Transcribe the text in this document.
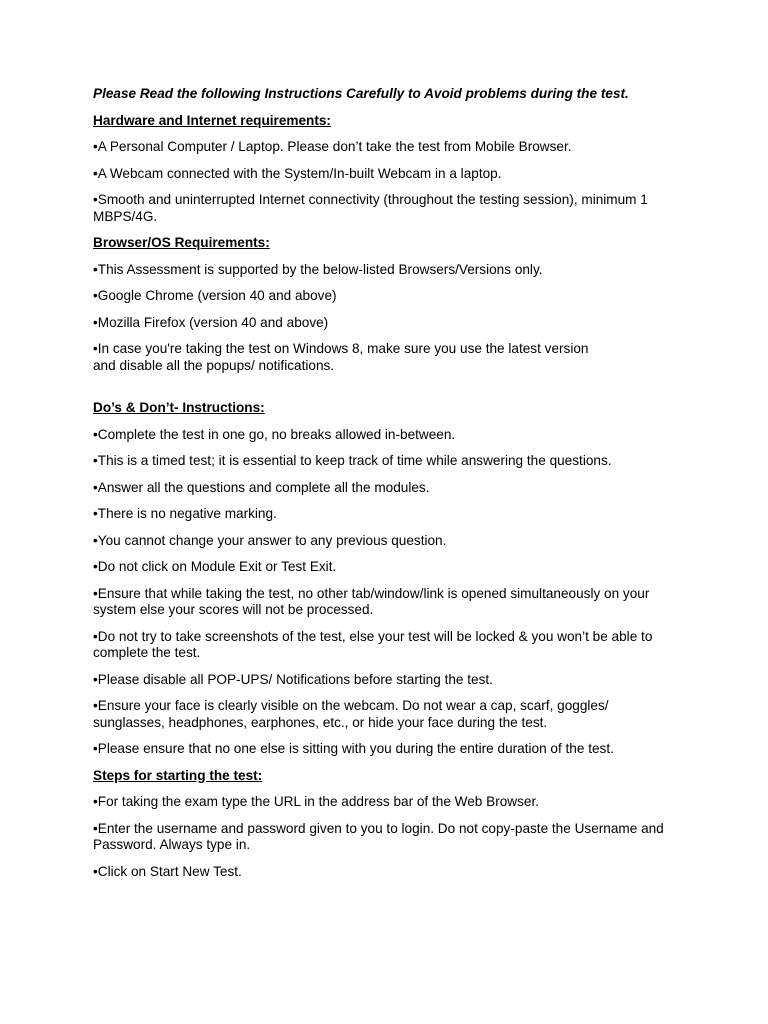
Please Read the following Instructions Carefully to Avoid problems during the test.

Hardware and Internet requirements:

•A Personal Computer / Laptop. Please don’t take the test from Mobile Browser.

•A Webcam connected with the System/In-built Webcam in a laptop.

•Smooth and uninterrupted Internet connectivity (throughout the testing session), minimum 1 MBPS/4G.

Browser/OS Requirements:

•This Assessment is supported by the below-listed Browsers/Versions only.

•Google Chrome (version 40 and above)

•Mozilla Firefox (version 40 and above)

•In case you're taking the test on Windows 8, make sure you use the latest version
and disable all the popups/ notifications.

Do’s & Don’t- Instructions:

•Complete the test in one go, no breaks allowed in-between.

•This is a timed test; it is essential to keep track of time while answering the questions.

•Answer all the questions and complete all the modules.

•There is no negative marking.

•You cannot change your answer to any previous question.

•Do not click on Module Exit or Test Exit.

•Ensure that while taking the test, no other tab/window/link is opened simultaneously on your system else your scores will not be processed.

•Do not try to take screenshots of the test, else your test will be locked & you won’t be able to complete the test.

•Please disable all POP-UPS/ Notifications before starting the test.

•Ensure your face is clearly visible on the webcam. Do not wear a cap, scarf, goggles/ sunglasses, headphones, earphones, etc., or hide your face during the test.

•Please ensure that no one else is sitting with you during the entire duration of the test.

Steps for starting the test:

•For taking the exam type the URL in the address bar of the Web Browser.

•Enter the username and password given to you to login. Do not copy-paste the Username and Password. Always type in.

•Click on Start New Test.
